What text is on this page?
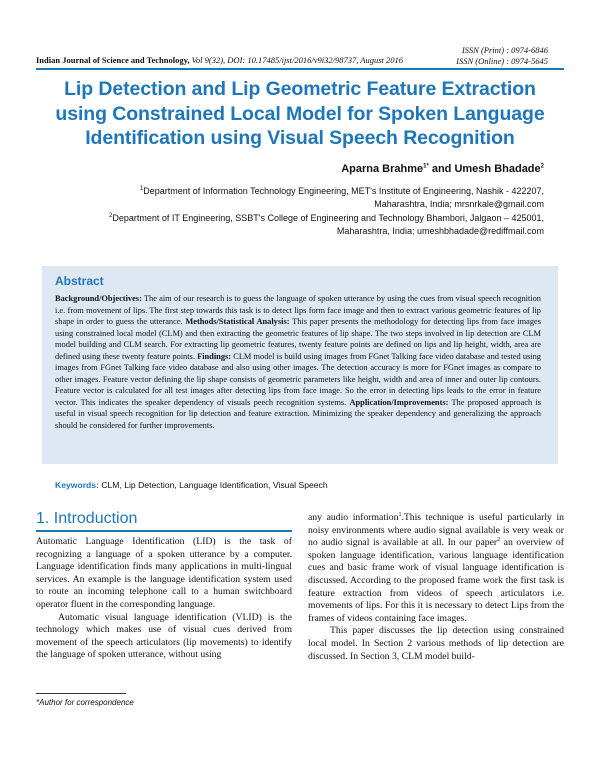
ISSN (Print) : 0974-6846
ISSN (Online) : 0974-5645
Indian Journal of Science and Technology, Vol 9(32), DOI: 10.17485/ijst/2016/v9i32/98737, August 2016
Lip Detection and Lip Geometric Feature Extraction using Constrained Local Model for Spoken Language Identification using Visual Speech Recognition
Aparna Brahme$^{1*}$ and Umesh Bhadade$^2$
$^1$Department of Information Technology Engineering, MET's Institute of Engineering, Nashik - 422207,
Maharashtra, India; mrsnrkale@gmail.com
$^2$Department of IT Engineering, SSBT's College of Engineering and Technology Bhambori, Jalgaon – 425001,
Maharashtra, India; umeshbhadade@rediffmail.com
Abstract
Background/Objectives: The aim of our research is to guess the language of spoken utterance by using the cues from visual speech recognition i.e. from movement of lips. The first step towards this task is to detect lips form face image and then to extract various geometric features of lip shape in order to guess the utterance. Methods/Statistical Analysis: This paper presents the methodology for detecting lips from face images using constrained local model (CLM) and then extracting the geometric features of lip shape. The two steps involved in lip detection are CLM model building and CLM search. For extracting lip geometric features, twenty feature points are defined on lips and lip height, width, area are defined using these twenty feature points. Findings: CLM model is build using images from FGnet Talking face video database and tested using images from FGnet Talking face video database and also using other images. The detection accuracy is more for FGnet images as compare to other images. Feature vector defining the lip shape consists of geometric parameters like height, width and area of inner and outer lip contours. Feature vector is calculated for all test images after detecting lips from face image. So the error in detecting lips leads to the error in feature vector. This indicates the speaker dependency of visuals peech recognition systems. Application/Improvements: The proposed approach is useful in visual speech recognition for lip detection and feature extraction. Minimizing the speaker dependency and generalizing the approach should be considered for further improvements.
Keywords: CLM, Lip Detection, Language Identification, Visual Speech
1. Introduction

Automatic Language Identification (LID) is the task of recognizing a language of a spoken utterance by a computer. Language identification finds many applications in multi-lingual services. An example is the language identification system used to route an incoming telephone call to a human switchboard operator fluent in the corresponding language.

Automatic visual language identification (VLID) is the technology which makes use of visual cues derived from movement of the speech articulators (lip movements) to identify the language of spoken utterance, without using

any audio information$^1$.This technique is useful particularly in noisy environments where audio signal available is very weak or no audio signal is available at all. In our paper$^2$ an overview of spoken language identification, various language identification cues and basic frame work of visual language identification is discussed. According to the proposed frame work the first task is feature extraction from videos of speech articulators i.e. movements of lips. For this it is necessary to detect Lips from the frames of videos containing face images.

This paper discusses the lip detection using constrained local model. In Section 2 various methods of lip detection are discussed. In Section 3, CLM model build-

*Author for correspondence
